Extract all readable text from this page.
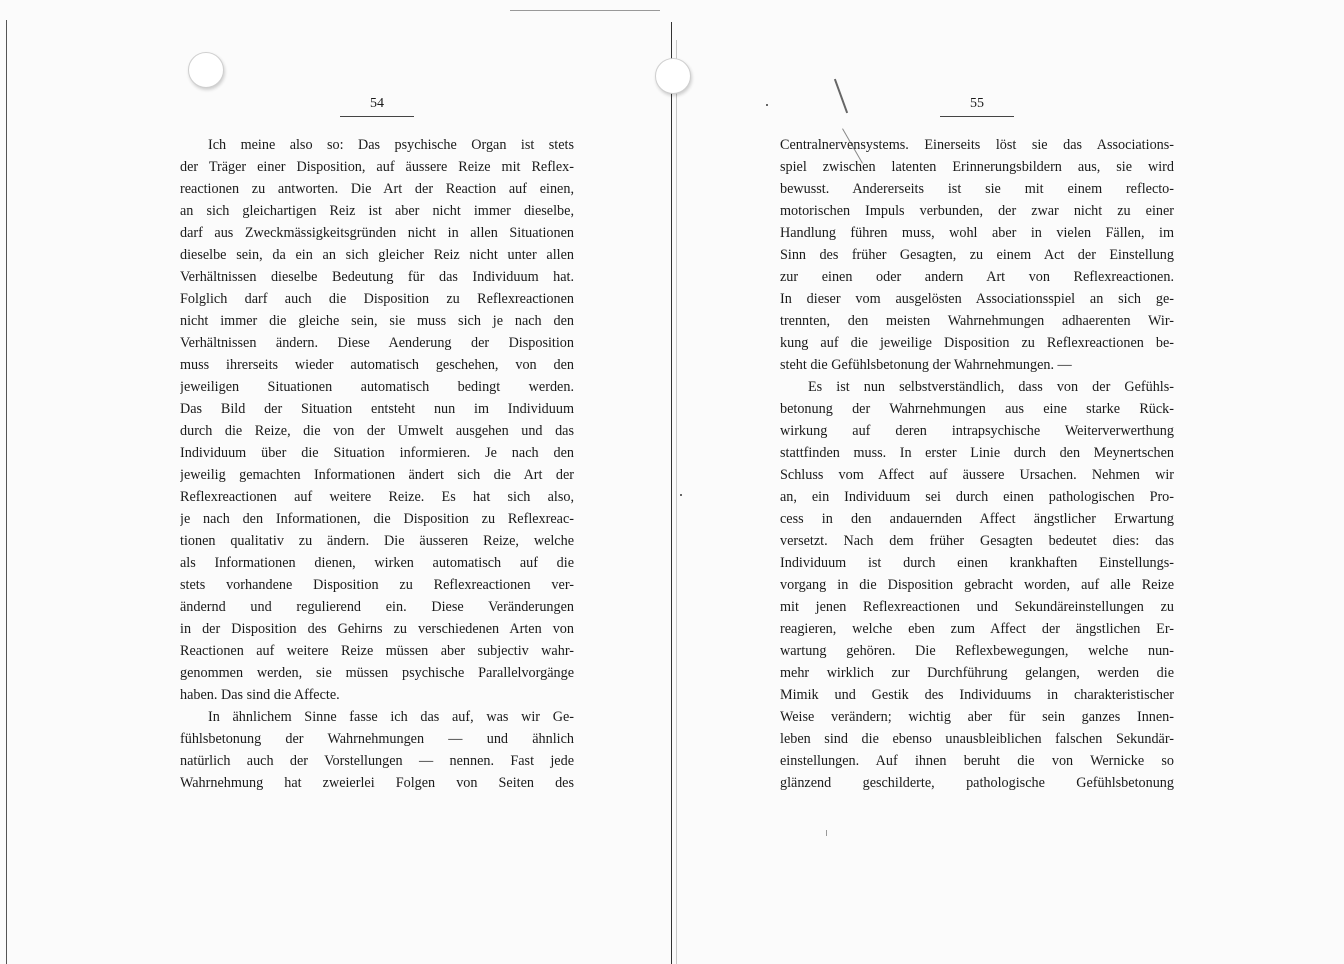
54
Ich meine also so: Das psychische Organ ist stets
der Träger einer Disposition, auf äussere Reize mit Reflex-
reactionen zu antworten. Die Art der Reaction auf einen,
an sich gleichartigen Reiz ist aber nicht immer dieselbe,
darf aus Zweckmässigkeitsgründen nicht in allen Situationen
dieselbe sein, da ein an sich gleicher Reiz nicht unter allen
Verhältnissen dieselbe Bedeutung für das Individuum hat.
Folglich darf auch die Disposition zu Reflexreactionen
nicht immer die gleiche sein, sie muss sich je nach den
Verhältnissen ändern. Diese Aenderung der Disposition
muss ihrerseits wieder automatisch geschehen, von den
jeweiligen Situationen automatisch bedingt werden.
Das Bild der Situation entsteht nun im Individuum
durch die Reize, die von der Umwelt ausgehen und das
Individuum über die Situation informieren. Je nach den
jeweilig gemachten Informationen ändert sich die Art der
Reflexreactionen auf weitere Reize. Es hat sich also,
je nach den Informationen, die Disposition zu Reflexreac-
tionen qualitativ zu ändern. Die äusseren Reize, welche
als Informationen dienen, wirken automatisch auf die
stets vorhandene Disposition zu Reflexreactionen ver-
ändernd und regulierend ein. Diese Veränderungen
in der Disposition des Gehirns zu verschiedenen Arten von
Reactionen auf weitere Reize müssen aber subjectiv wahr-
genommen werden, sie müssen psychische Parallelvorgänge
haben. Das sind die Affecte.
In ähnlichem Sinne fasse ich das auf, was wir Ge-
fühlsbetonung der Wahrnehmungen — und ähnlich
natürlich auch der Vorstellungen — nennen. Fast jede
Wahrnehmung hat zweierlei Folgen von Seiten des
55
Centralnervensystems. Einerseits löst sie das Associations-
spiel zwischen latenten Erinnerungsbildern aus, sie wird
bewusst. Andererseits ist sie mit einem reflecto-
motorischen Impuls verbunden, der zwar nicht zu einer
Handlung führen muss, wohl aber in vielen Fällen, im
Sinn des früher Gesagten, zu einem Act der Einstellung
zur einen oder andern Art von Reflexreactionen.
In dieser vom ausgelösten Associationsspiel an sich ge-
trennten, den meisten Wahrnehmungen adhaerenten Wir-
kung auf die jeweilige Disposition zu Reflexreactionen be-
steht die Gefühlsbetonung der Wahrnehmungen. —
Es ist nun selbstverständlich, dass von der Gefühls-
betonung der Wahrnehmungen aus eine starke Rück-
wirkung auf deren intrapsychische Weiterverwerthung
stattfinden muss. In erster Linie durch den Meynertschen
Schluss vom Affect auf äussere Ursachen. Nehmen wir
an, ein Individuum sei durch einen pathologischen Pro-
cess in den andauernden Affect ängstlicher Erwartung
versetzt. Nach dem früher Gesagten bedeutet dies: das
Individuum ist durch einen krankhaften Einstellungs-
vorgang in die Disposition gebracht worden, auf alle Reize
mit jenen Reflexreactionen und Sekundäreinstellungen zu
reagieren, welche eben zum Affect der ängstlichen Er-
wartung gehören. Die Reflexbewegungen, welche nun-
mehr wirklich zur Durchführung gelangen, werden die
Mimik und Gestik des Individuums in charakteristischer
Weise verändern; wichtig aber für sein ganzes Innen-
leben sind die ebenso unausbleiblichen falschen Sekundär-
einstellungen. Auf ihnen beruht die von Wernicke so
glänzend geschilderte, pathologische Gefühlsbetonung
